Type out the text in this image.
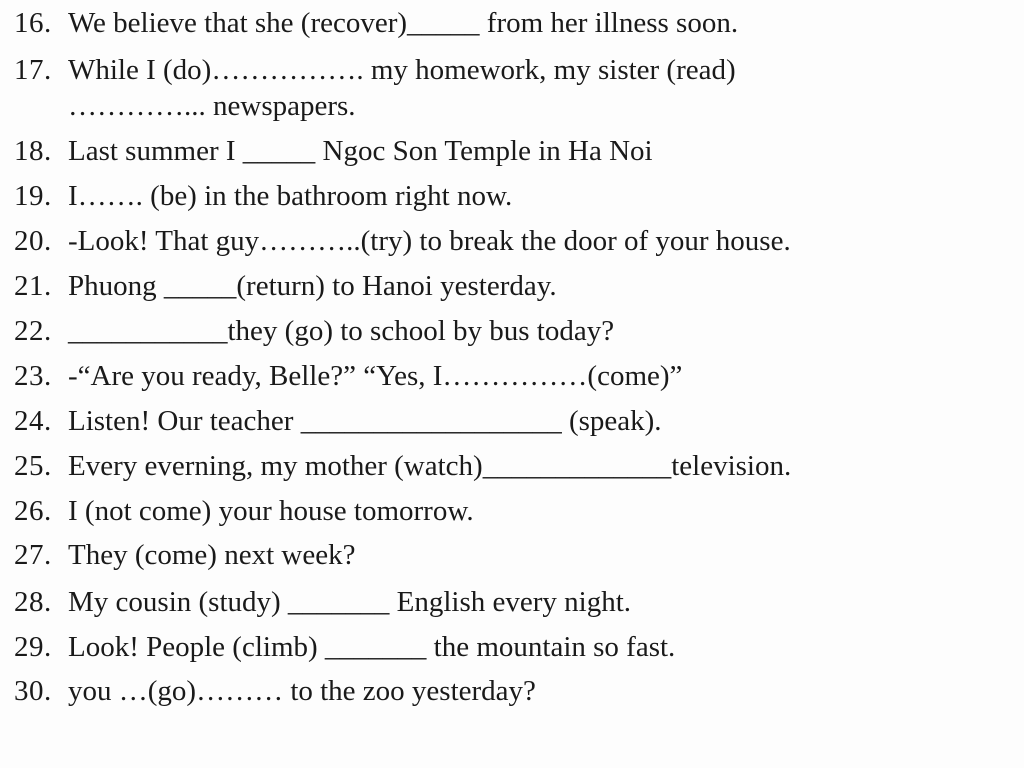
16. We believe that she (recover)_____ from her illness soon.
17. While I (do)……………. my homework, my sister (read)
…………... newspapers.
18. Last summer I _____ Ngoc Son Temple in Ha Noi
19. I……. (be) in the bathroom right now.
20. -Look! That guy………..(try) to break the door of your house.
21. Phuong _____(return) to Hanoi yesterday.
22. ___________they (go) to school by bus today?
23. -“Are you ready, Belle?” “Yes, I……………(come)”
24. Listen! Our teacher __________________ (speak).
25. Every everning, my mother (watch)_____________television.
26. I (not come) your house tomorrow.
27. They (come) next week?
28. My cousin (study) _______ English every night.
29. Look! People (climb) _______ the mountain so fast.
30. you …(go)……… to the zoo yesterday?
